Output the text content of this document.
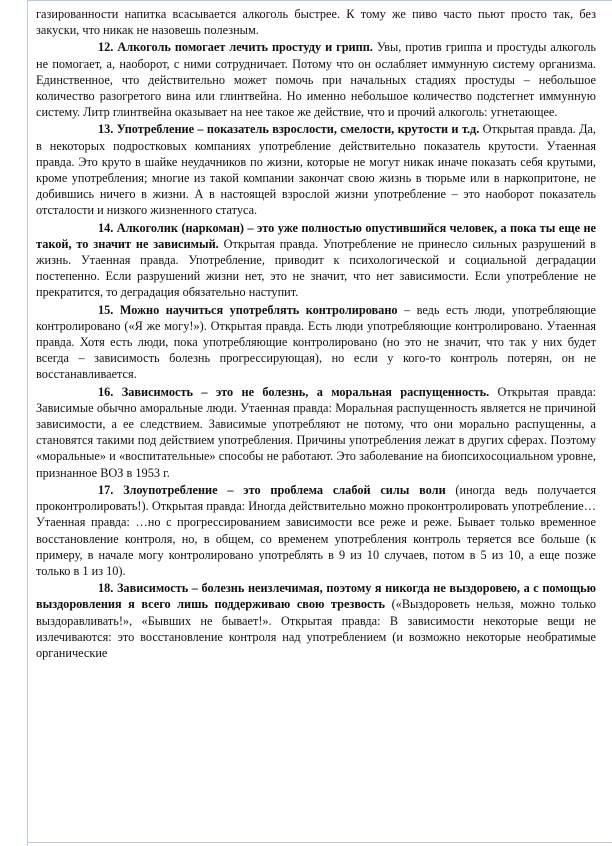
газированности напитка всасывается алкоголь быстрее. К тому же пиво часто пьют просто так, без закуски, что никак не назовешь полезным.

12. Алкоголь помогает лечить простуду и грипп. Увы, против гриппа и простуды алкоголь не помогает, а, наоборот, с ними сотрудничает. Потому что он ослабляет иммунную систему организма. Единственное, что действительно может помочь при начальных стадиях простуды – небольшое количество разогретого вина или глинтвейна. Но именно небольшое количество подстегнет иммунную систему. Литр глинтвейна оказывает на нее такое же действие, что и прочий алкоголь: угнетающее.

13. Употребление – показатель взрослости, смелости, крутости и т.д. Открытая правда. Да, в некоторых подростковых компаниях употребление действительно показатель крутости. Утаенная правда. Это круто в шайке неудачников по жизни, которые не могут никак иначе показать себя крутыми, кроме употребления; многие из такой компании закончат свою жизнь в тюрьме или в наркопритоне, не добившись ничего в жизни. А в настоящей взрослой жизни употребление – это наоборот показатель отсталости и низкого жизненного статуса.

14. Алкоголик (наркоман) – это уже полностью опустившийся человек, а пока ты еще не такой, то значит не зависимый. Открытая правда. Употребление не принесло сильных разрушений в жизнь. Утаенная правда. Употребление, приводит к психологической и социальной деградации постепенно. Если разрушений жизни нет, это не значит, что нет зависимости. Если употребление не прекратится, то деградация обязательно наступит.

15. Можно научиться употреблять контролировано – ведь есть люди, употребляющие контролировано («Я же могу!»). Открытая правда. Есть люди употребляющие контролировано. Утаенная правда. Хотя есть люди, пока употребляющие контролировано (но это не значит, что так у них будет всегда – зависимость болезнь прогрессирующая), но если у кого-то контроль потерян, он не восстанавливается.

16. Зависимость – это не болезнь, а моральная распущенность. Открытая правда: Зависимые обычно аморальные люди. Утаенная правда: Моральная распущенность является не причиной зависимости, а ее следствием. Зависимые употребляют не потому, что они морально распущенны, а становятся такими под действием употребления. Причины употребления лежат в других сферах. Поэтому «моральные» и «воспитательные» способы не работают. Это заболевание на биопсихосоциальном уровне, признанное ВОЗ в 1953 г.

17. Злоупотребление – это проблема слабой силы воли (иногда ведь получается проконтролировать!). Открытая правда: Иногда действительно можно проконтролировать употребление… Утаенная правда: …но с прогрессированием зависимости все реже и реже. Бывает только временное восстановление контроля, но, в общем, со временем употребления контроль теряется все больше (к примеру, в начале могу контролировано употреблять в 9 из 10 случаев, потом в 5 из 10, а еще позже только в 1 из 10).

18. Зависимость – болезнь неизлечимая, поэтому я никогда не выздоровею, а с помощью выздоровления я всего лишь поддерживаю свою трезвость («Выздороветь нельзя, можно только выздоравливать!», «Бывших не бывает!». Открытая правда: В зависимости некоторые вещи не излечиваются: это восстановление контроля над употреблением (и возможно некоторые необратимые органические
